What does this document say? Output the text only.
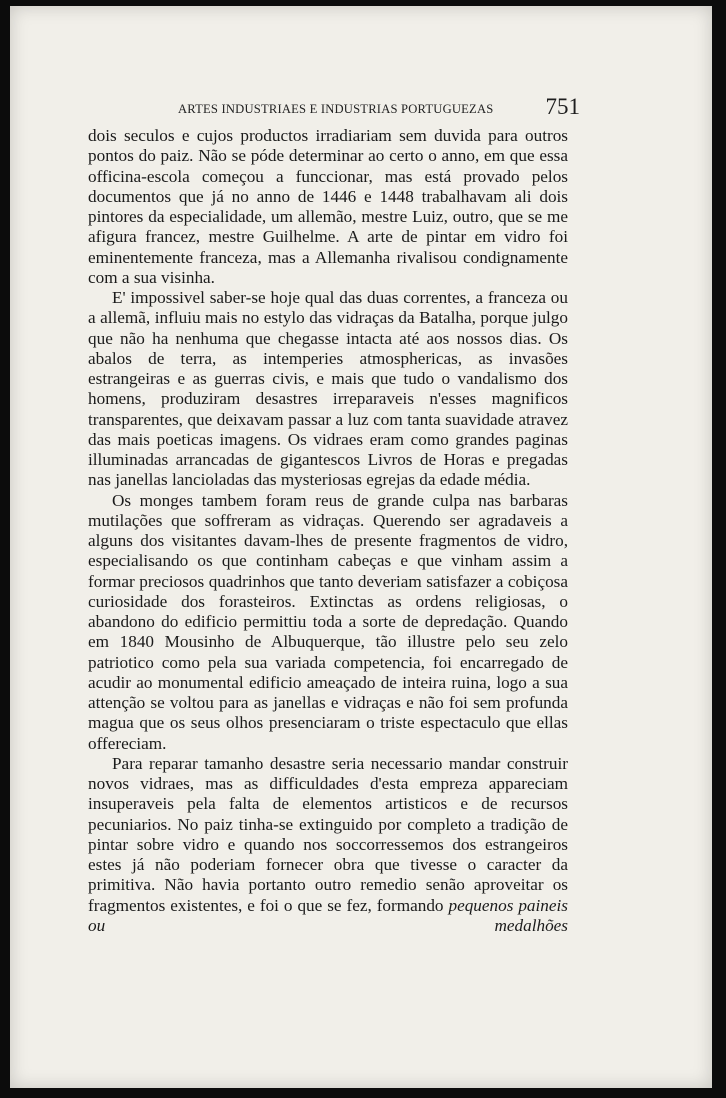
ARTES INDUSTRIAES E INDUSTRIAS PORTUGUEZAS 751

dois seculos e cujos productos irradiariam sem duvida para outros pontos do paiz. Não se póde determinar ao certo o anno, em que essa officina-escola começou a funccionar, mas está provado pelos documentos que já no anno de 1446 e 1448 trabalhavam ali dois pintores da especialidade, um allemão, mestre Luiz, outro, que se me afigura francez, mestre Guilhelme. A arte de pintar em vidro foi eminentemente franceza, mas a Allemanha rivalisou condignamente com a sua visinha.

E' impossivel saber-se hoje qual das duas correntes, a franceza ou a allemã, influiu mais no estylo das vidraças da Batalha, porque julgo que não ha nenhuma que chegasse intacta até aos nossos dias. Os abalos de terra, as intemperies atmosphericas, as invasões estrangeiras e as guerras civis, e mais que tudo o vandalismo dos homens, produziram desastres irreparaveis n'esses magnificos transparentes, que deixavam passar a luz com tanta suavidade atravez das mais poeticas imagens. Os vidraes eram como grandes paginas illuminadas arrancadas de gigantescos Livros de Horas e pregadas nas janellas lancioladas das mysteriosas egrejas da edade média.

Os monges tambem foram reus de grande culpa nas barbaras mutilações que soffreram as vidraças. Querendo ser agradaveis a alguns dos visitantes davam-lhes de presente fragmentos de vidro, especialisando os que continham cabeças e que vinham assim a formar preciosos quadrinhos que tanto deveriam satisfazer a cobiçosa curiosidade dos forasteiros. Extinctas as ordens religiosas, o abandono do edificio permittiu toda a sorte de depredação. Quando em 1840 Mousinho de Albuquerque, tão illustre pelo seu zelo patriotico como pela sua variada competencia, foi encarregado de acudir ao monumental edificio ameaçado de inteira ruina, logo a sua attenção se voltou para as janellas e vidraças e não foi sem profunda magua que os seus olhos presenciaram o triste espectaculo que ellas offereciam.

Para reparar tamanho desastre seria necessario mandar construir novos vidraes, mas as difficuldades d'esta empreza appareciam insuperaveis pela falta de elementos artisticos e de recursos pecuniarios. No paiz tinha-se extinguido por completo a tradição de pintar sobre vidro e quando nos soccorressemos dos estrangeiros estes já não poderiam fornecer obra que tivesse o caracter da primitiva. Não havia portanto outro remedio senão aproveitar os fragmentos existentes, e foi o que se fez, formando pequenos paineis ou medalhões
